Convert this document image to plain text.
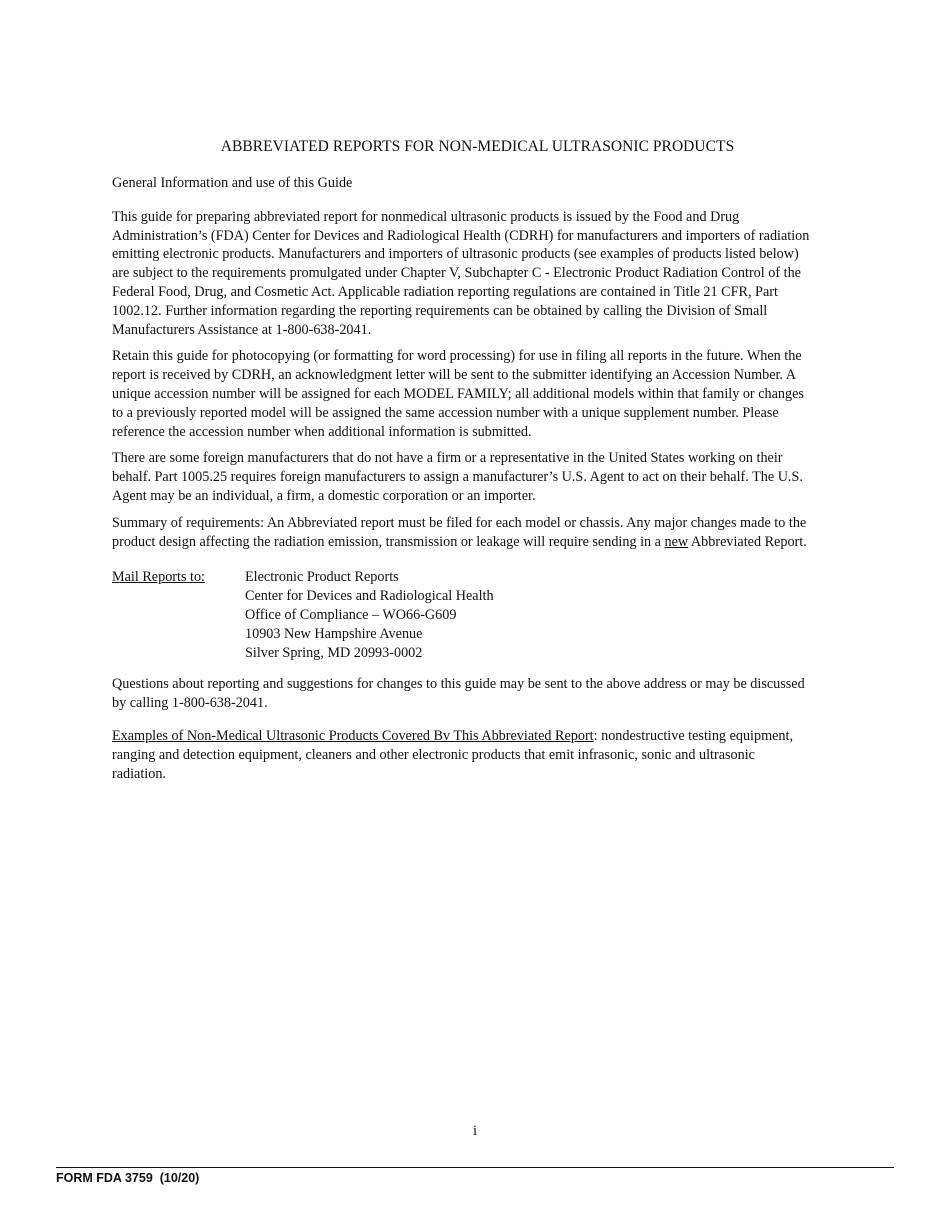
ABBREVIATED REPORTS FOR NON-MEDICAL ULTRASONIC PRODUCTS

General Information and use of this Guide

This guide for preparing abbreviated report for nonmedical ultrasonic products is issued by the Food and Drug Administration’s (FDA) Center for Devices and Radiological Health (CDRH) for manufacturers and importers of radiation emitting electronic products. Manufacturers and importers of ultrasonic products (see examples of products listed below) are subject to the requirements promulgated under Chapter V, Subchapter C - Electronic Product Radiation Control of the Federal Food, Drug, and Cosmetic Act. Applicable radiation reporting regulations are contained in Title 21 CFR, Part 1002.12. Further information regarding the reporting requirements can be obtained by calling the Division of Small Manufacturers Assistance at 1-800-638-2041.

Retain this guide for photocopying (or formatting for word processing) for use in filing all reports in the future. When the report is received by CDRH, an acknowledgment letter will be sent to the submitter identifying an Accession Number. A unique accession number will be assigned for each MODEL FAMILY; all additional models within that family or changes to a previously reported model will be assigned the same accession number with a unique supplement number. Please reference the accession number when additional information is submitted.

There are some foreign manufacturers that do not have a firm or a representative in the United States working on their behalf. Part 1005.25 requires foreign manufacturers to assign a manufacturer’s U.S. Agent to act on their behalf. The U.S. Agent may be an individual, a firm, a domestic corporation or an importer.

Summary of requirements: An Abbreviated report must be filed for each model or chassis. Any major changes made to the product design affecting the radiation emission, transmission or leakage will require sending in a new Abbreviated Report.

Mail Reports to:	Electronic Product Reports
Center for Devices and Radiological Health
Office of Compliance – WO66-G609
10903 New Hampshire Avenue
Silver Spring, MD 20993-0002

Questions about reporting and suggestions for changes to this guide may be sent to the above address or may be discussed by calling 1-800-638-2041.

Examples of Non-Medical Ultrasonic Products Covered Bv This Abbreviated Report: nondestructive testing equipment, ranging and detection equipment, cleaners and other electronic products that emit infrasonic, sonic and ultrasonic radiation.

i
FORM FDA 3759  (10/20)
